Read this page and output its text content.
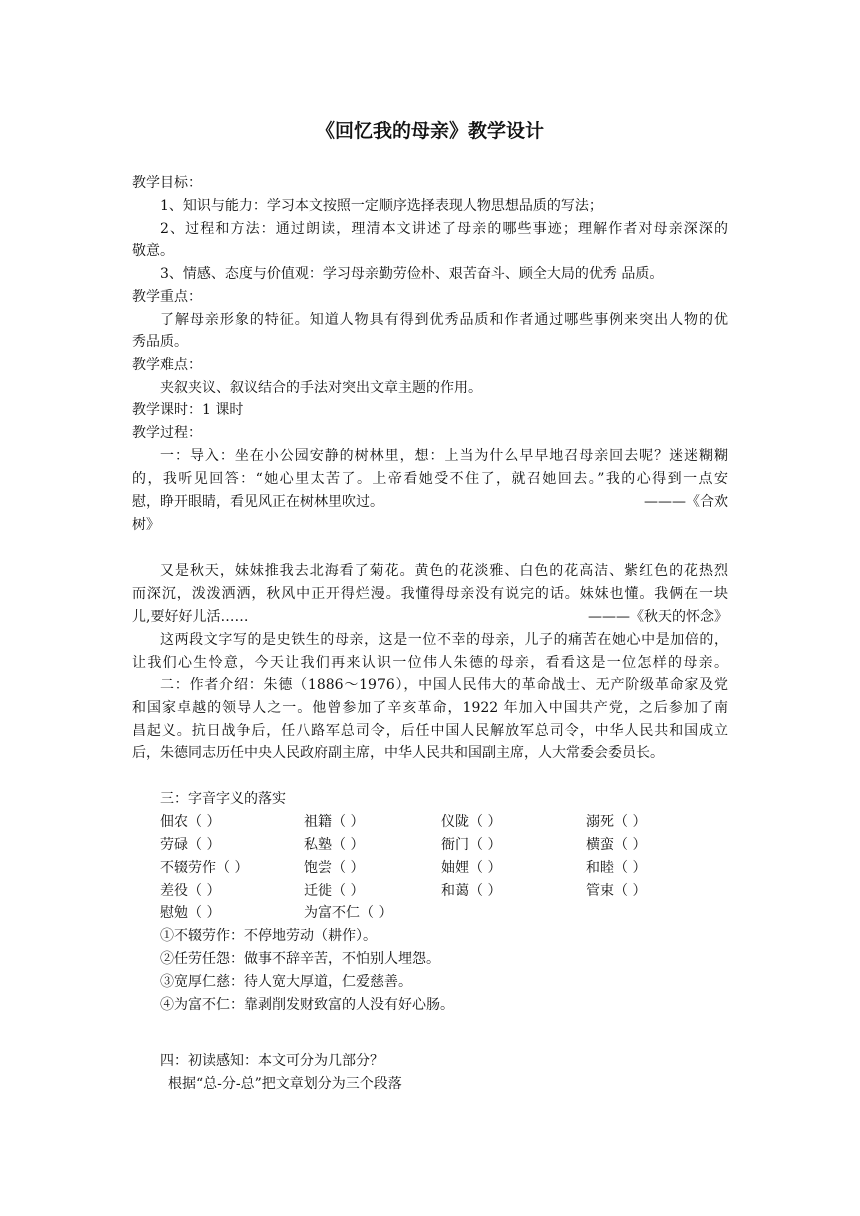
《回忆我的母亲》教学设计
教学目标：
1、知识与能力：学习本文按照一定顺序选择表现人物思想品质的写法；
2、过程和方法：通过朗读，理清本文讲述了母亲的哪些事迹；理解作者对母亲深深的
敬意。
3、情感、态度与价值观：学习母亲勤劳俭朴、艰苦奋斗、顾全大局的优秀 品质。
教学重点：
了解母亲形象的特征。知道人物具有得到优秀品质和作者通过哪些事例来突出人物的优
秀品质。
教学难点：
夹叙夹议、叙议结合的手法对突出文章主题的作用。
教学课时：1 课时
教学过程：
一：导入：坐在小公园安静的树林里，想：上当为什么早早地召母亲回去呢？迷迷糊糊
的，我听见回答：“她心里太苦了。上帝看她受不住了，就召她回去。”我的心得到一点安
慰，睁开眼睛，看见风正在树林里吹过。	———《合欢
树》
又是秋天，妹妹推我去北海看了菊花。黄色的花淡雅、白色的花高洁、紫红色的花热烈
而深沉，泼泼洒洒，秋风中正开得烂漫。我懂得母亲没有说完的话。妹妹也懂。我俩在一块
儿,要好好儿活……	———《秋天的怀念》
这两段文字写的是史铁生的母亲，这是一位不幸的母亲，儿子的痛苦在她心中是加倍的，
让我们心生怜意，今天让我们再来认识一位伟人朱德的母亲，看看这是一位怎样的母亲。
二：作者介绍：朱德（1886～1976），中国人民伟大的革命战士、无产阶级革命家及党
和国家卓越的领导人之一。他曾参加了辛亥革命，1922 年加入中国共产党，之后参加了南
昌起义。抗日战争后，任八路军总司令，后任中国人民解放军总司令，中华人民共和国成立
后，朱德同志历任中央人民政府副主席，中华人民共和国副主席，人大常委会委员长。
三：字音字义的落实
佃农（ ）	祖籍（ ）	仪陇（ ）	溺死（ ）
劳碌（ ）	私塾（ ）	衙门（ ）	横蛮（ ）
不辍劳作（ ）	饱尝（ ）	妯娌（ ）	和睦（ ）
差役（ ）	迁徙（ ）	和蔼（ ）	管束（ ）
慰勉（ ）	为富不仁（ ）
①不辍劳作：不停地劳动（耕作）。
②任劳任怨：做事不辞辛苦，不怕别人埋怨。
③宽厚仁慈：待人宽大厚道，仁爱慈善。
④为富不仁：靠剥削发财致富的人没有好心肠。
四：初读感知：本文可分为几部分？
根据“总-分-总”把文章划分为三个段落
